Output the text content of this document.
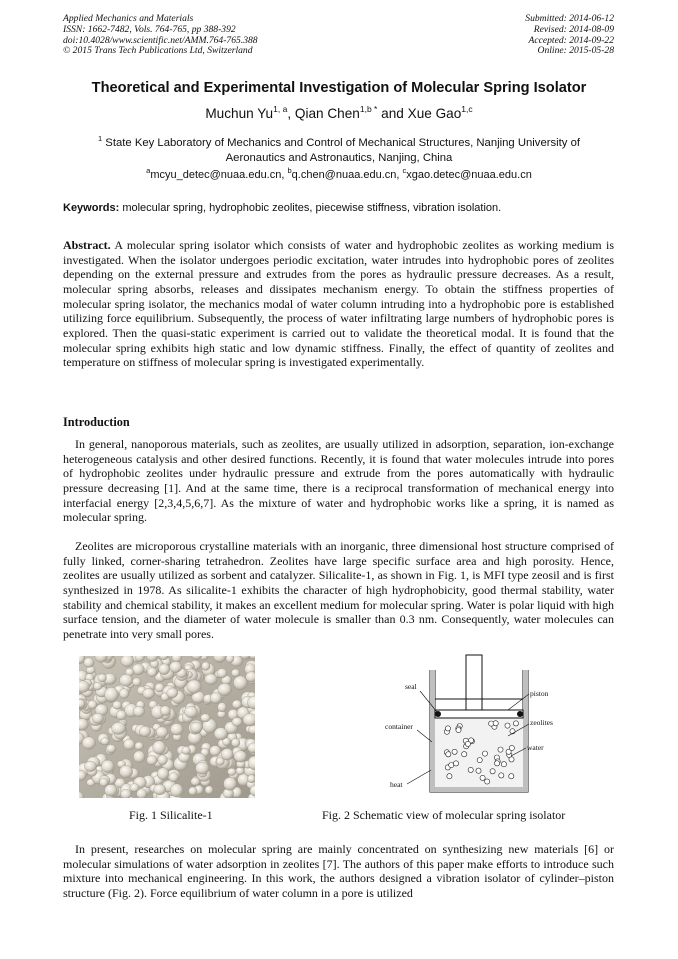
Applied Mechanics and Materials
ISSN: 1662-7482, Vols. 764-765, pp 388-392
doi:10.4028/www.scientific.net/AMM.764-765.388
© 2015 Trans Tech Publications Ltd, Switzerland
Submitted: 2014-06-12
Revised: 2014-08-09
Accepted: 2014-09-22
Online: 2015-05-28
Theoretical and Experimental Investigation of Molecular Spring Isolator
Muchun Yu$^{1, a}$, Qian Chen$^{1,b *}$ and Xue Gao$^{1,c}$
$^1$ State Key Laboratory of Mechanics and Control of Mechanical Structures, Nanjing University of Aeronautics and Astronautics, Nanjing, China
$^a$mcyu_detec@nuaa.edu.cn, $^b$q.chen@nuaa.edu.cn, $^c$xgao.detec@nuaa.edu.cn
Keywords: molecular spring, hydrophobic zeolites, piecewise stiffness, vibration isolation.
Abstract. A molecular spring isolator which consists of water and hydrophobic zeolites as working medium is investigated. When the isolator undergoes periodic excitation, water intrudes into hydrophobic pores of zeolites depending on the external pressure and extrudes from the pores as hydraulic pressure decreases. As a result, molecular spring absorbs, releases and dissipates mechanism energy. To obtain the stiffness properties of molecular spring isolator, the mechanics modal of water column intruding into a hydrophobic pore is established utilizing force equilibrium. Subsequently, the process of water infiltrating large numbers of hydrophobic pores is explored. Then the quasi-static experiment is carried out to validate the theoretical modal. It is found that the molecular spring exhibits high static and low dynamic stiffness. Finally, the effect of quantity of zeolites and temperature on stiffness of molecular spring is investigated experimentally.
Introduction
In general, nanoporous materials, such as zeolites, are usually utilized in adsorption, separation, ion-exchange heterogeneous catalysis and other desired functions. Recently, it is found that water molecules intrude into pores of hydrophobic zeolites under hydraulic pressure and extrude from the pores automatically with hydraulic pressure decreasing [1]. And at the same time, there is a reciprocal transformation of mechanical energy into interfacial energy [2,3,4,5,6,7]. As the mixture of water and hydrophobic works like a spring, it is named as molecular spring.
Zeolites are microporous crystalline materials with an inorganic, three dimensional host structure comprised of fully linked, corner-sharing tetrahedron. Zeolites have large specific surface area and high porosity. Hence, zeolites are usually utilized as sorbent and catalyzer. Silicalite-1, as shown in Fig. 1, is MFI type zeosil and is first synthesized in 1978. As silicalite-1 exhibits the character of high hydrophobicity, good thermal stability, water stability and chemical stability, it makes an excellent medium for molecular spring. Water is polar liquid with high surface tension, and the diameter of water molecule is smaller than 0.3 nm. Consequently, water molecules can penetrate into very small pores.
Fig. 1 Silicalite-1
seal
piston
container	zeolites
water
heat
Fig. 2 Schematic view of molecular spring isolator
In present, researches on molecular spring are mainly concentrated on synthesizing new materials [6] or molecular simulations of water adsorption in zeolites [7]. The authors of this paper make efforts to introduce such mixture into mechanical engineering. In this work, the authors designed a vibration isolator of cylinder–piston structure (Fig. 2). Force equilibrium of water column in a pore is utilized
